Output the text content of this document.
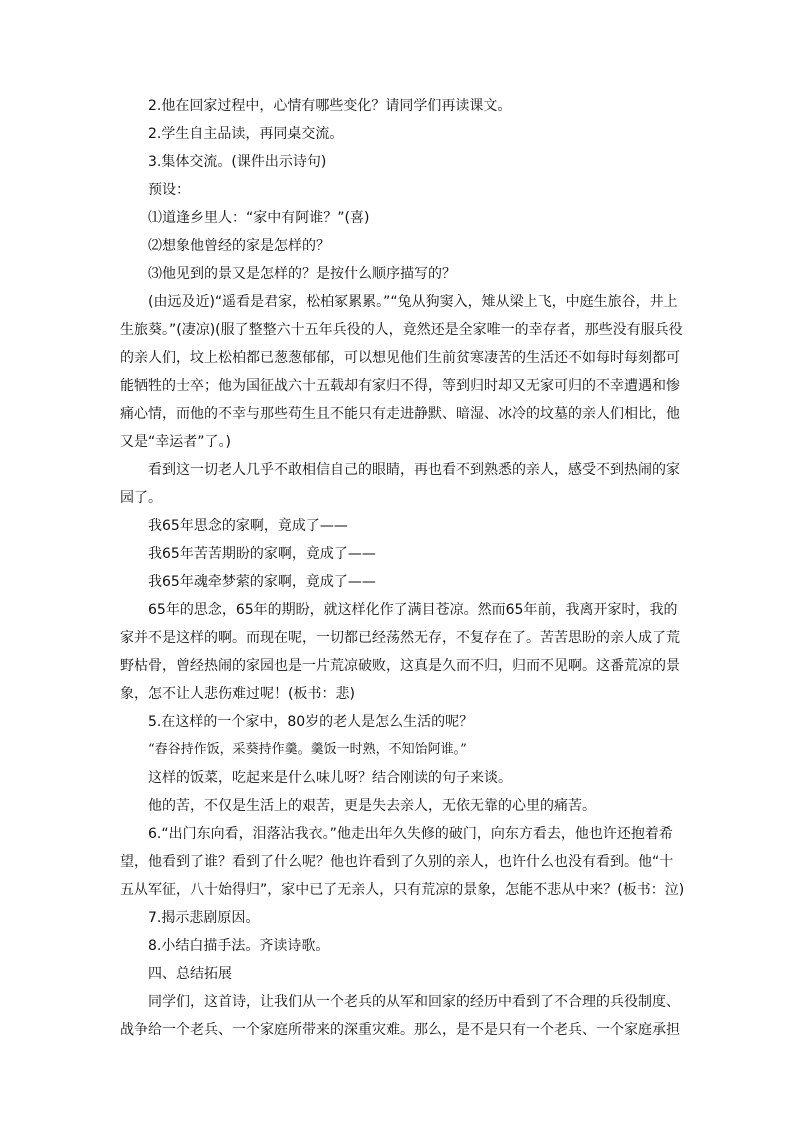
2.他在回家过程中，心情有哪些变化？请同学们再读课文。

2.学生自主品读，再同桌交流。

3.集体交流。(课件出示诗句)

预设：

⑴道逢乡里人：“家中有阿谁？”(喜)

⑵想象他曾经的家是怎样的？

⑶他见到的景又是怎样的？是按什么顺序描写的？

(由远及近)“遥看是君家，松柏冢累累。”“兔从狗窦入，雉从梁上飞，中庭生旅谷，井上生旅葵。”(凄凉)(服了整整六十五年兵役的人，竟然还是全家唯一的幸存者，那些没有服兵役的亲人们，坟上松柏都已葱葱郁郁，可以想见他们生前贫寒凄苦的生活还不如每时每刻都可能牺牲的士卒；他为国征战六十五载却有家归不得，等到归时却又无家可归的不幸遭遇和惨痛心情，而他的不幸与那些苟生且不能只有走进静默、暗湿、冰冷的坟墓的亲人们相比，他又是“幸运者”了。)

看到这一切老人几乎不敢相信自己的眼睛，再也看不到熟悉的亲人，感受不到热闹的家园了。

我65年思念的家啊，竟成了——

我65年苦苦期盼的家啊，竟成了——

我65年魂牵梦萦的家啊，竟成了——

65年的思念，65年的期盼，就这样化作了满目苍凉。然而65年前，我离开家时，我的家并不是这样的啊。而现在呢，一切都已经荡然无存，不复存在了。苦苦思盼的亲人成了荒野枯骨，曾经热闹的家园也是一片荒凉破败，这真是久而不归，归而不见啊。这番荒凉的景象，怎不让人悲伤难过呢！(板书：悲)

5.在这样的一个家中，80岁的老人是怎么生活的呢？

“舂谷持作饭，采葵持作羹。羹饭一时熟，不知饴阿谁。”

这样的饭菜，吃起来是什么味儿呀？结合刚读的句子来谈。

他的苦，不仅是生活上的艰苦，更是失去亲人，无依无靠的心里的痛苦。

6.“出门东向看，泪落沾我衣。”他走出年久失修的破门，向东方看去，他也许还抱着希望，他看到了谁？看到了什么呢？他也许看到了久别的亲人，也许什么也没有看到。他“十五从军征，八十始得归”，家中已了无亲人，只有荒凉的景象，怎能不悲从中来？(板书：泣)

7.揭示悲剧原因。

8.小结白描手法。齐读诗歌。

四、总结拓展

同学们，这首诗，让我们从一个老兵的从军和回家的经历中看到了不合理的兵役制度、战争给一个老兵、一个家庭所带来的深重灾难。那么，是不是只有一个老兵、一个家庭承担
